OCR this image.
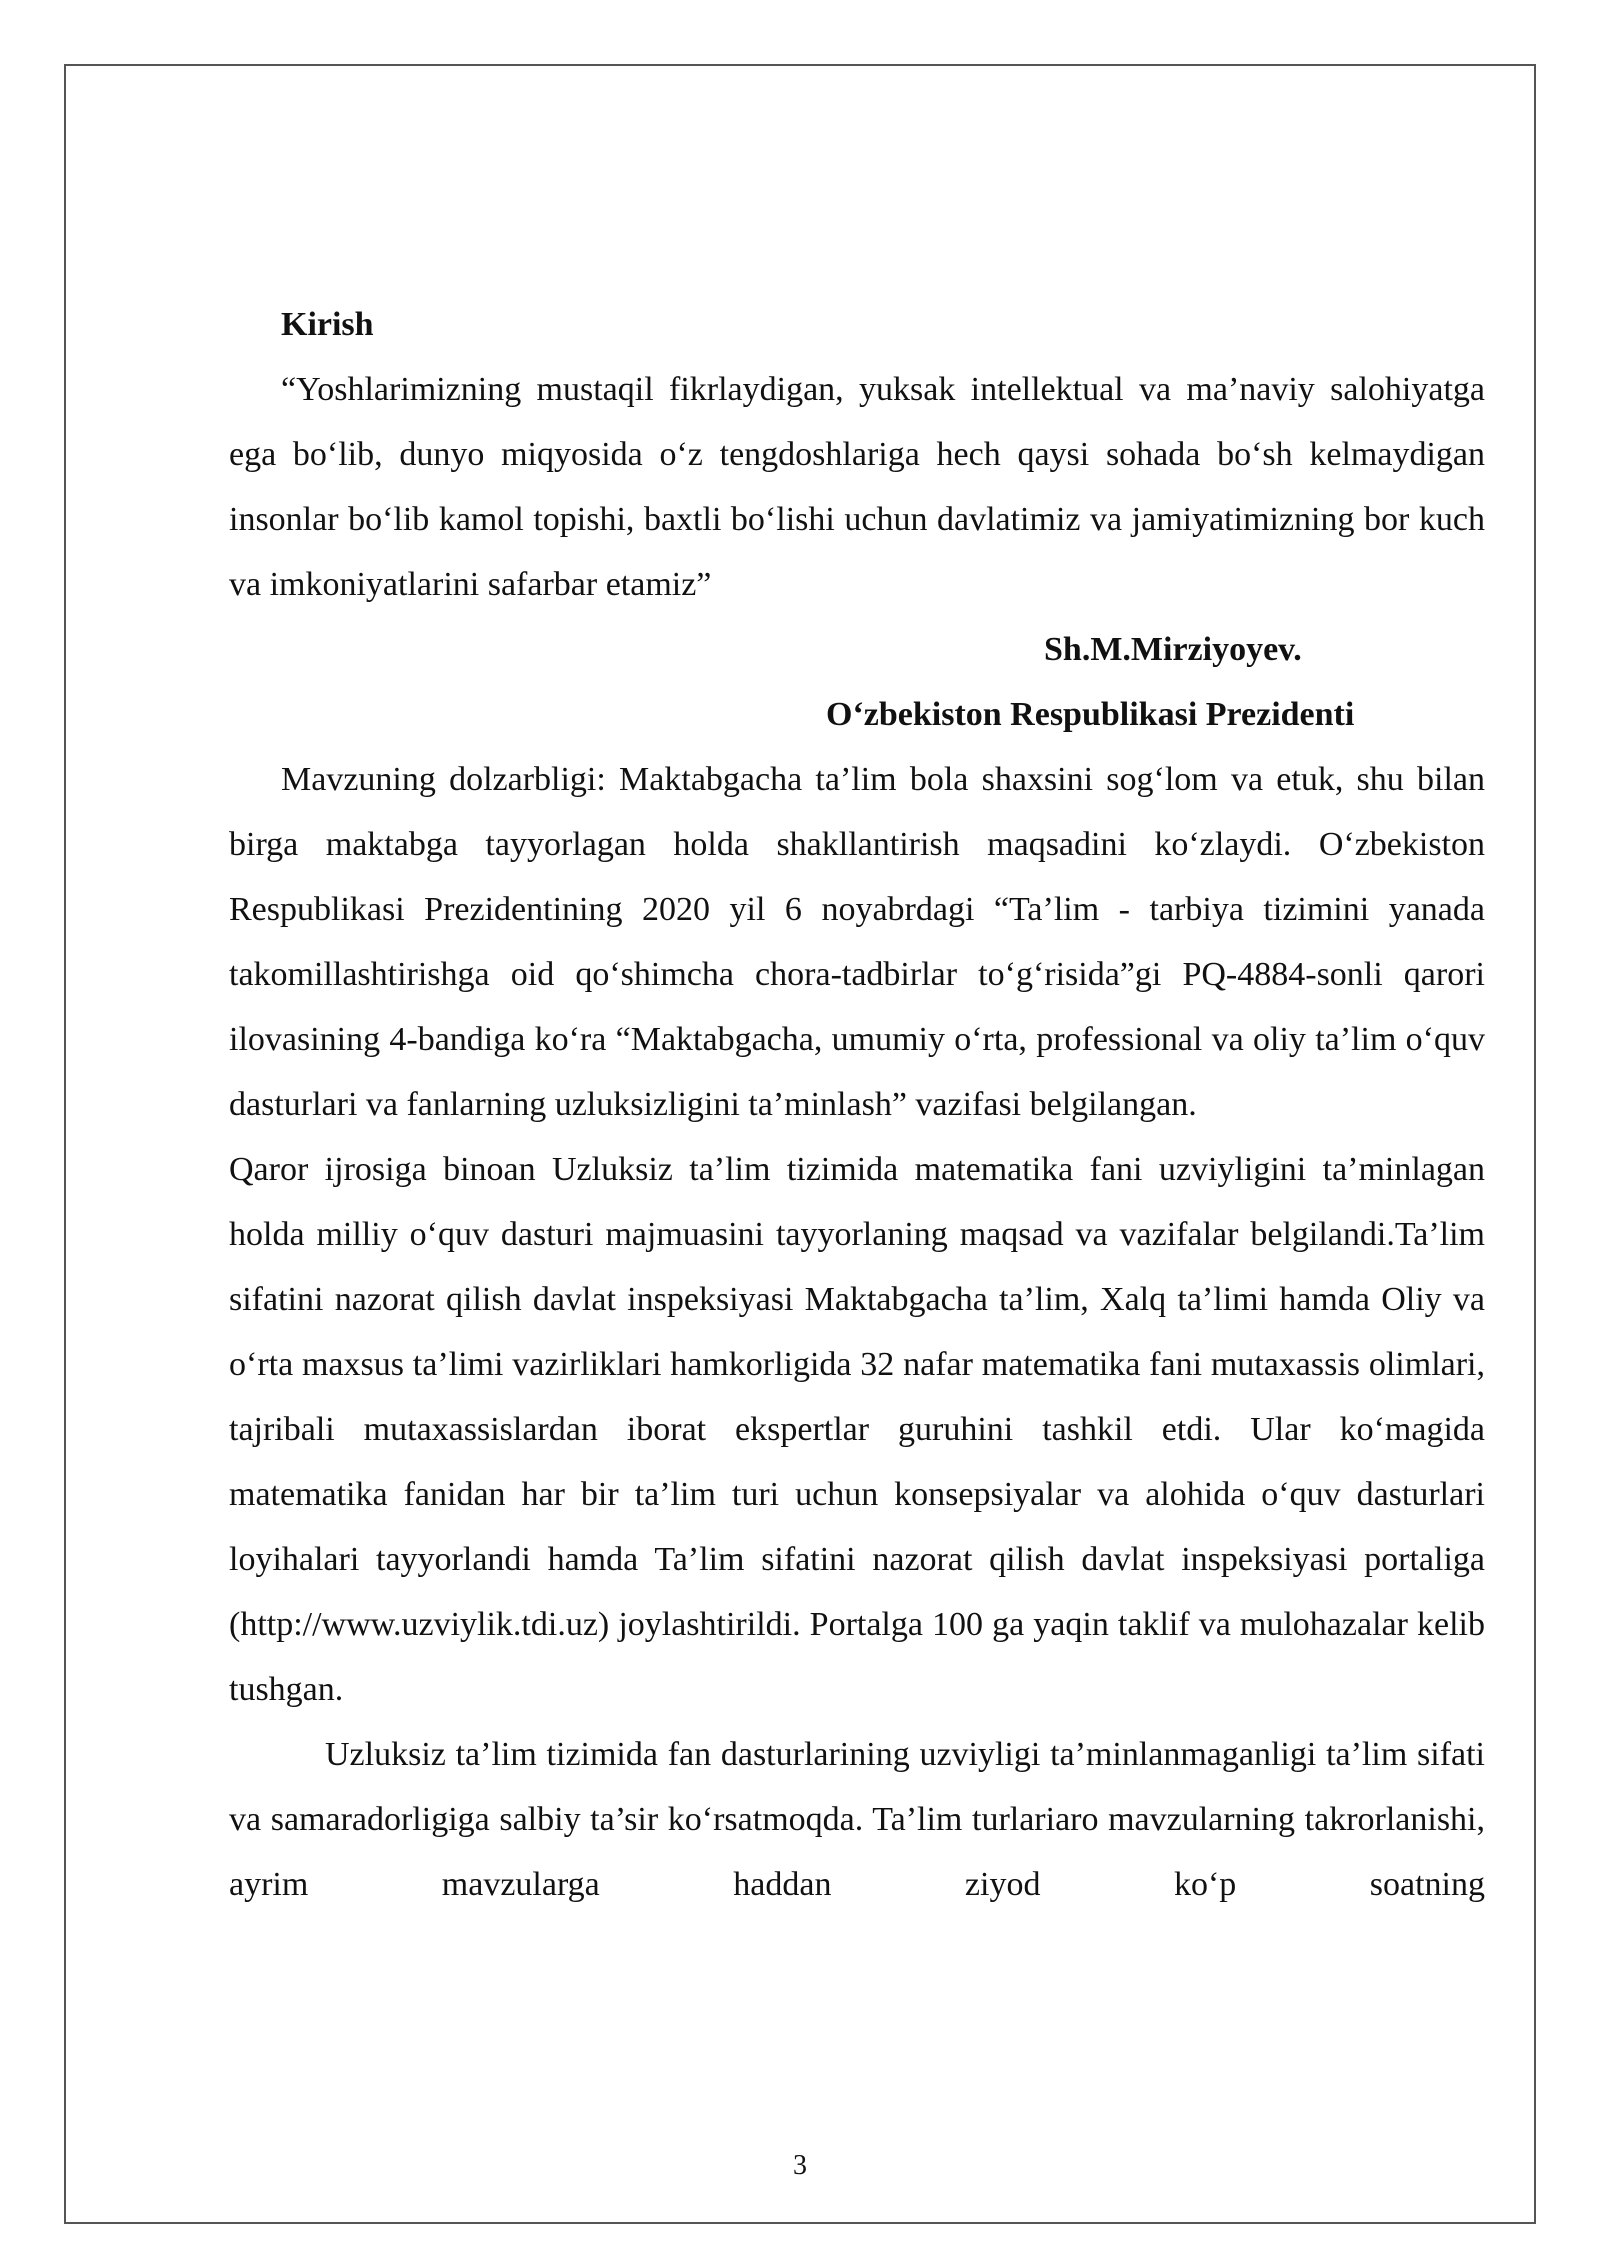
Kirish

“Yoshlarimizning mustaqil fikrlaydigan, yuksak intellektual va ma’naviy salohiyatga ega bo‘lib, dunyo miqyosida o‘z tengdoshlariga hech qaysi sohada bo‘sh kelmaydigan insonlar bo‘lib kamol topishi, baxtli bo‘lishi uchun davlatimiz va jamiyatimizning bor kuch va imkoniyatlarini safarbar etamiz”

Sh.M.Mirziyoyev.

O‘zbekiston Respublikasi Prezidenti

Mavzuning dolzarbligi: Maktabgacha ta’lim bola shaxsini sog‘lom va etuk, shu bilan birga maktabga tayyorlagan holda shakllantirish maqsadini ko‘zlaydi. O‘zbekiston Respublikasi Prezidentining 2020 yil 6 noyabrdagi “Ta’lim - tarbiya tizimini yanada takomillashtirishga oid qo‘shimcha chora-tadbirlar to‘g‘risida”gi PQ-4884-sonli qarori ilovasining 4-bandiga ko‘ra “Maktabgacha, umumiy o‘rta, professional va oliy ta’lim o‘quv dasturlari va fanlarning uzluksizligini ta’minlash” vazifasi belgilangan.

Qaror ijrosiga binoan Uzluksiz ta’lim tizimida matematika fani uzviyligini ta’minlagan holda milliy o‘quv dasturi majmuasini tayyorlaning maqsad va vazifalar belgilandi.Ta’lim sifatini nazorat qilish davlat inspeksiyasi Maktabgacha ta’lim, Xalq ta’limi hamda Oliy va o‘rta maxsus ta’limi vazirliklari hamkorligida 32 nafar matematika fani mutaxassis olimlari, tajribali mutaxassislardan iborat ekspertlar guruhini tashkil etdi. Ular ko‘magida matematika fanidan har bir ta’lim turi uchun konsepsiyalar va alohida o‘quv dasturlari loyihalari tayyorlandi hamda Ta’lim sifatini nazorat qilish davlat inspeksiyasi portaliga (http://www.uzviylik.tdi.uz) joylashtirildi. Portalga 100 ga yaqin taklif va mulohazalar kelib tushgan.

Uzluksiz ta’lim tizimida fan dasturlarining uzviyligi ta’minlanmaganligi ta’lim sifati va samaradorligiga salbiy ta’sir ko‘rsatmoqda. Ta’lim turlariaro mavzularning takrorlanishi, ayrim mavzularga haddan ziyod ko‘p soatning

3
